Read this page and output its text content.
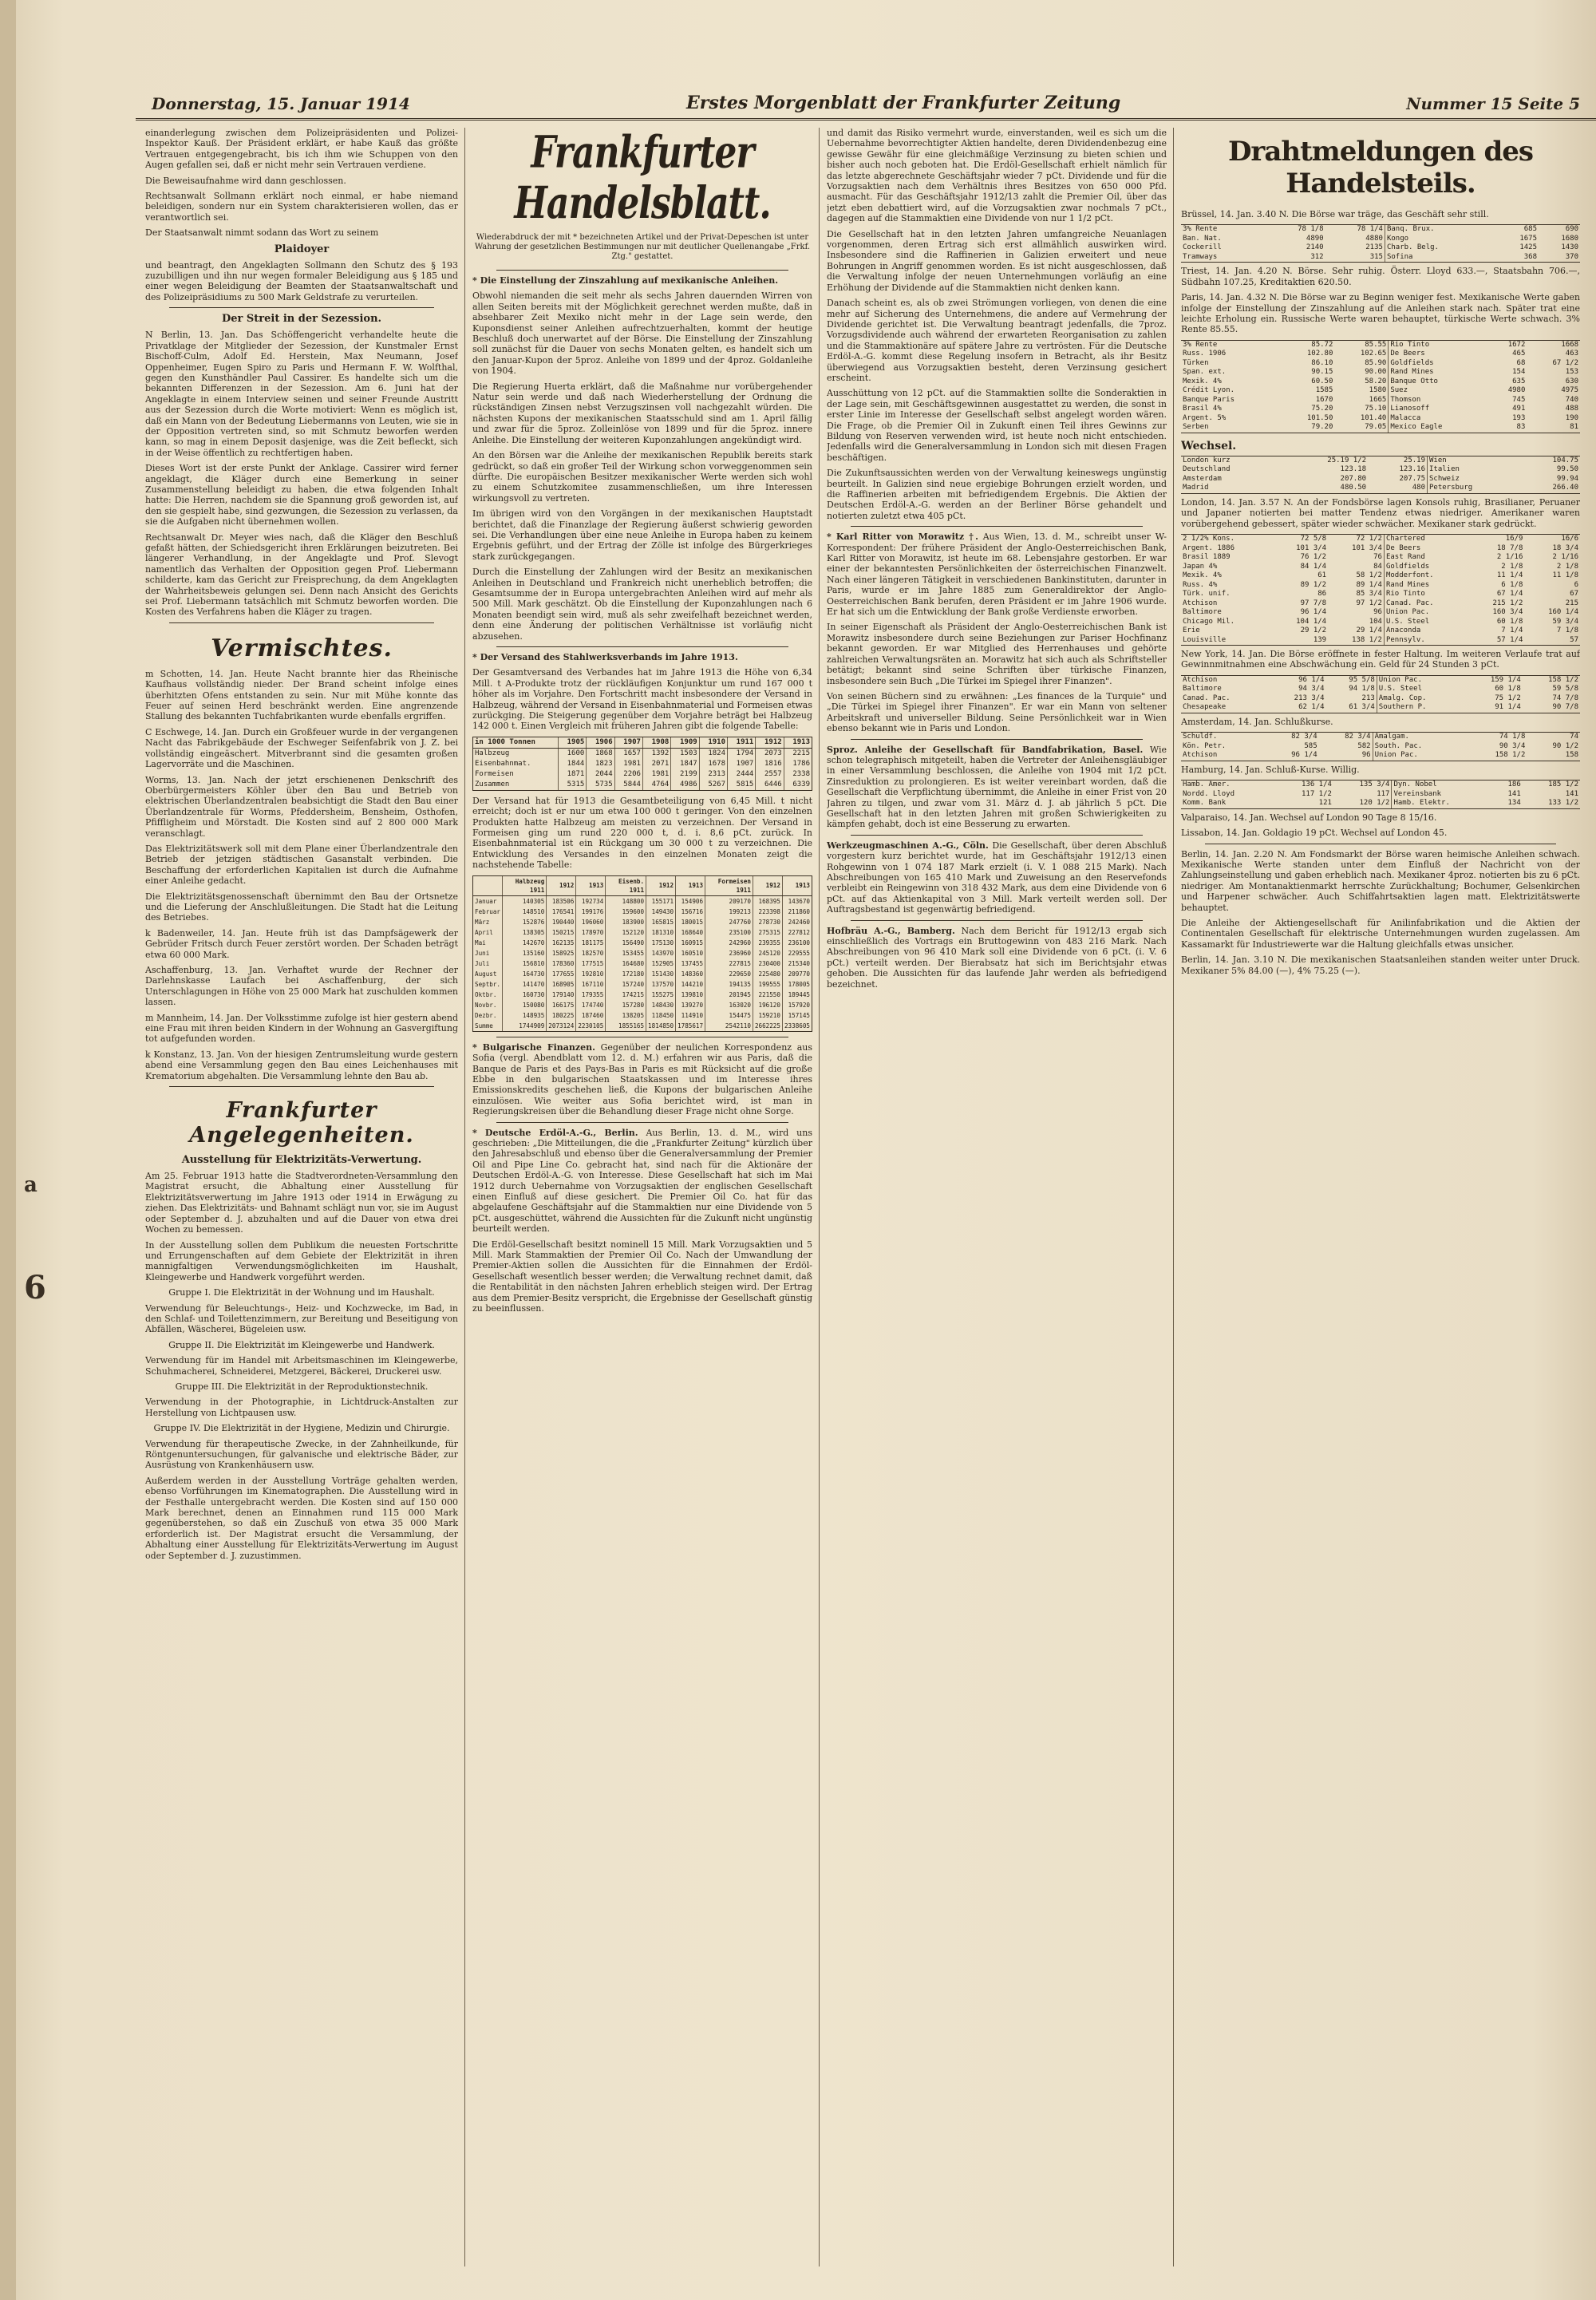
a
6
Donnerstag, 15. Januar 1914	Erstes Morgenblatt der Frankfurter Zeitung	Nummer 15 Seite 5

einanderlegung zwischen dem Polizeipräsidenten und Polizei-Inspektor Kauß. Der Präsident erklärt, er habe Kauß das größte Vertrauen entgegengebracht, bis ich ihm wie Schuppen von den Augen gefallen sei, daß er nicht mehr sein Vertrauen verdiene.

Die Beweisaufnahme wird dann geschlossen.

Rechtsanwalt Sollmann erklärt noch einmal, er habe niemand beleidigen, sondern nur ein System charakterisieren wollen, das er verantwortlich sei.

Der Staatsanwalt nimmt sodann das Wort zu seinem

Plaidoyer

und beantragt, den Angeklagten Sollmann den Schutz des § 193 zuzubilligen und ihn nur wegen formaler Beleidigung aus § 185 und einer wegen Beleidigung der Beamten der Staatsanwaltschaft und des Polizeipräsidiums zu 500 Mark Geldstrafe zu verurteilen.

Der Streit in der Sezession.

N Berlin, 13. Jan. Das Schöffengericht verhandelte heute die Privatklage der Mitglieder der Sezession, der Kunstmaler Ernst Bischoff-Culm, Adolf Ed. Herstein, Max Neumann, Josef Oppenheimer, Eugen Spiro zu Paris und Hermann F. W. Wolfthal, gegen den Kunsthändler Paul Cassirer. Es handelte sich um die bekannten Differenzen in der Sezession. Am 6. Juni hat der Angeklagte in einem Interview seinen und seiner Freunde Austritt aus der Sezession durch die Worte motiviert: Wenn es möglich ist, daß ein Mann von der Bedeutung Liebermanns von Leuten, wie sie in der Opposition vertreten sind, so mit Schmutz beworfen werden kann, so mag in einem Deposit dasjenige, was die Zeit befleckt, sich in der Weise öffentlich zu rechtfertigen haben.

Dieses Wort ist der erste Punkt der Anklage. Cassirer wird ferner angeklagt, die Kläger durch eine Bemerkung in seiner Zusammenstellung beleidigt zu haben, die etwa folgenden Inhalt hatte: Die Herren, nachdem sie die Spannung groß geworden ist, auf den sie gespielt habe, sind gezwungen, die Sezession zu verlassen, da sie die Aufgaben nicht übernehmen wollen.

Rechtsanwalt Dr. Meyer wies nach, daß die Kläger den Beschluß gefaßt hätten, der Schiedsgericht ihren Erklärungen beizutreten. Bei längerer Verhandlung, in der Angeklagte und Prof. Slevogt namentlich das Verhalten der Opposition gegen Prof. Liebermann schilderte, kam das Gericht zur Freisprechung, da dem Angeklagten der Wahrheitsbeweis gelungen sei. Denn nach Ansicht des Gerichts sei Prof. Liebermann tatsächlich mit Schmutz beworfen worden. Die Kosten des Verfahrens haben die Kläger zu tragen.

Vermischtes.

m Schotten, 14. Jan. Heute Nacht brannte hier das Rheinische Kaufhaus vollständig nieder. Der Brand scheint infolge eines überhitzten Ofens entstanden zu sein. Nur mit Mühe konnte das Feuer auf seinen Herd beschränkt werden. Eine angrenzende Stallung des bekannten Tuchfabrikanten wurde ebenfalls ergriffen.

C Eschwege, 14. Jan. Durch ein Großfeuer wurde in der vergangenen Nacht das Fabrikgebäude der Eschweger Seifenfabrik von J. Z. bei vollständig eingeäschert. Mitverbrannt sind die gesamten großen Lagervorräte und die Maschinen.

Worms, 13. Jan. Nach der jetzt erschienenen Denkschrift des Oberbürgermeisters Köhler über den Bau und Betrieb von elektrischen Überlandzentralen beabsichtigt die Stadt den Bau einer Überlandzentrale für Worms, Pfeddersheim, Bensheim, Osthofen, Pfiffligheim und Mörstadt. Die Kosten sind auf 2 800 000 Mark veranschlagt.

Das Elektrizitätswerk soll mit dem Plane einer Überlandzentrale den Betrieb der jetzigen städtischen Gasanstalt verbinden. Die Beschaffung der erforderlichen Kapitalien ist durch die Aufnahme einer Anleihe gedacht.

Die Elektrizitätsgenossenschaft übernimmt den Bau der Ortsnetze und die Lieferung der Anschlußleitungen. Die Stadt hat die Leitung des Betriebes.

k Badenweiler, 14. Jan. Heute früh ist das Dampfsägewerk der Gebrüder Fritsch durch Feuer zerstört worden. Der Schaden beträgt etwa 60 000 Mark.

Aschaffenburg, 13. Jan. Verhaftet wurde der Rechner der Darlehnskasse Laufach bei Aschaffenburg, der sich Unterschlagungen in Höhe von 25 000 Mark hat zuschulden kommen lassen.

m Mannheim, 14. Jan. Der Volksstimme zufolge ist hier gestern abend eine Frau mit ihren beiden Kindern in der Wohnung an Gasvergiftung tot aufgefunden worden.

k Konstanz, 13. Jan. Von der hiesigen Zentrumsleitung wurde gestern abend eine Versammlung gegen den Bau eines Leichenhauses mit Krematorium abgehalten. Die Versammlung lehnte den Bau ab.

Frankfurter Angelegenheiten.
Ausstellung für Elektrizitäts-Verwertung.

Am 25. Februar 1913 hatte die Stadtverordneten-Versammlung den Magistrat ersucht, die Abhaltung einer Ausstellung für Elektrizitätsverwertung im Jahre 1913 oder 1914 in Erwägung zu ziehen. Das Elektrizitäts- und Bahnamt schlägt nun vor, sie im August oder September d. J. abzuhalten und auf die Dauer von etwa drei Wochen zu bemessen.

In der Ausstellung sollen dem Publikum die neuesten Fortschritte und Errungenschaften auf dem Gebiete der Elektrizität in ihren mannigfaltigen Verwendungsmöglichkeiten im Haushalt, Kleingewerbe und Handwerk vorgeführt werden.

Gruppe I. Die Elektrizität in der Wohnung und im Haushalt.

Verwendung für Beleuchtungs-, Heiz- und Kochzwecke, im Bad, in den Schlaf- und Toilettenzimmern, zur Bereitung und Beseitigung von Abfällen, Wäscherei, Bügeleien usw.

Gruppe II. Die Elektrizität im Kleingewerbe und Handwerk.

Verwendung für im Handel mit Arbeitsmaschinen im Kleingewerbe, Schuhmacherei, Schneiderei, Metzgerei, Bäckerei, Druckerei usw.

Gruppe III. Die Elektrizität in der Reproduktionstechnik.

Verwendung in der Photographie, in Lichtdruck-Anstalten zur Herstellung von Lichtpausen usw.

Gruppe IV. Die Elektrizität in der Hygiene, Medizin und Chirurgie.

Verwendung für therapeutische Zwecke, in der Zahnheilkunde, für Röntgenuntersuchungen, für galvanische und elektrische Bäder, zur Ausrüstung von Krankenhäusern usw.

Außerdem werden in der Ausstellung Vorträge gehalten werden, ebenso Vorführungen im Kinematographen. Die Ausstellung wird in der Festhalle untergebracht werden. Die Kosten sind auf 150 000 Mark berechnet, denen an Einnahmen rund 115 000 Mark gegenüberstehen, so daß ein Zuschuß von etwa 35 000 Mark erforderlich ist. Der Magistrat ersucht die Versammlung, der Abhaltung einer Ausstellung für Elektrizitäts-Verwertung im August oder September d. J. zuzustimmen.

Frankfurter Handelsblatt.

Wiederabdruck der mit * bezeichneten Artikel und der Privat-Depeschen ist unter Wahrung der gesetzlichen Bestimmungen nur mit deutlicher Quellenangabe „Frkf. Ztg." gestattet.

* Die Einstellung der Zinszahlung auf mexikanische Anleihen.

Obwohl niemanden die seit mehr als sechs Jahren dauernden Wirren von allen Seiten bereits mit der Möglichkeit gerechnet werden mußte, daß in absehbarer Zeit Mexiko nicht mehr in der Lage sein werde, den Kuponsdienst seiner Anleihen aufrechtzuerhalten, kommt der heutige Beschluß doch unerwartet auf der Börse. Die Einstellung der Zinszahlung soll zunächst für die Dauer von sechs Monaten gelten, es handelt sich um den Januar-Kupon der 5proz. Anleihe von 1899 und der 4proz. Goldanleihe von 1904.

Die Regierung Huerta erklärt, daß die Maßnahme nur vorübergehender Natur sein werde und daß nach Wiederherstellung der Ordnung die rückständigen Zinsen nebst Verzugszinsen voll nachgezahlt würden. Die nächsten Kupons der mexikanischen Staatsschuld sind am 1. April fällig und zwar für die 5proz. Zolleinlöse von 1899 und für die 5proz. innere Anleihe. Die Einstellung der weiteren Kuponzahlungen angekündigt wird.

An den Börsen war die Anleihe der mexikanischen Republik bereits stark gedrückt, so daß ein großer Teil der Wirkung schon vorweggenommen sein dürfte. Die europäischen Besitzer mexikanischer Werte werden sich wohl zu einem Schutzkomitee zusammenschließen, um ihre Interessen wirkungsvoll zu vertreten.

Im übrigen wird von den Vorgängen in der mexikanischen Hauptstadt berichtet, daß die Finanzlage der Regierung äußerst schwierig geworden sei. Die Verhandlungen über eine neue Anleihe in Europa haben zu keinem Ergebnis geführt, und der Ertrag der Zölle ist infolge des Bürgerkrieges stark zurückgegangen.

Durch die Einstellung der Zahlungen wird der Besitz an mexikanischen Anleihen in Deutschland und Frankreich nicht unerheblich betroffen; die Gesamtsumme der in Europa untergebrachten Anleihen wird auf mehr als 500 Mill. Mark geschätzt. Ob die Einstellung der Kuponzahlungen nach 6 Monaten beendigt sein wird, muß als sehr zweifelhaft bezeichnet werden, denn eine Änderung der politischen Verhältnisse ist vorläufig nicht abzusehen.

* Der Versand des Stahlwerksverbands im Jahre 1913.

Der Gesamtversand des Verbandes hat im Jahre 1913 die Höhe von 6,34 Mill. t A-Produkte trotz der rückläufigen Konjunktur um rund 167 000 t höher als im Vorjahre. Den Fortschritt macht insbesondere der Versand in Halbzeug, während der Versand in Eisenbahnmaterial und Formeisen etwas zurückging. Die Steigerung gegenüber dem Vorjahre beträgt bei Halbzeug 142 000 t. Einen Vergleich mit früheren Jahren gibt die folgende Tabelle:

in 1000 Tonnen	1905	1906	1907	1908	1909	1910	1911	1912	1913
Halbzeug	1600	1868	1657	1392	1503	1824	1794	2073	2215
Eisenbahnmat.	1844	1823	1981	2071	1847	1678	1907	1816	1786
Formeisen	1871	2044	2206	1981	2199	2313	2444	2557	2338
Zusammen	5315	5735	5844	4764	4986	5267	5815	6446	6339

Der Versand hat für 1913 die Gesamtbeteiligung von 6,45 Mill. t nicht erreicht; doch ist er nur um etwa 100 000 t geringer. Von den einzelnen Produkten hatte Halbzeug am meisten zu verzeichnen. Der Versand in Formeisen ging um rund 220 000 t, d. i. 8,6 pCt. zurück. In Eisenbahnmaterial ist ein Rückgang um 30 000 t zu verzeichnen. Die Entwicklung des Versandes in den einzelnen Monaten zeigt die nachstehende Tabelle:

	Halbzeug 1911	1912	1913	Eisenb. 1911	1912	1913	Formeisen 1911	1912	1913
Januar	140305	183506	192734	148800	155171	154906	209170	168395	143670
Februar	148510	176541	199176	159600	149430	156716	199213	223398	211860
März	152876	190440	196060	183900	165815	180015	247760	278730	242460
April	138305	150215	178970	152120	181310	168640	235100	275315	227812
Mai	142670	162135	181175	156490	175130	160915	242960	239355	236100
Juni	135160	158925	182570	153455	143970	160510	236960	245120	229555
Juli	156810	178360	177515	164680	152905	137455	227815	230400	215340
August	164730	177655	192810	172180	151430	148360	229650	225480	209770
Septbr.	141470	168905	167110	157240	137570	144210	194135	199555	178005
Oktbr.	160730	179140	179355	174215	155275	139810	201945	221550	189445
Novbr.	150080	166175	174740	157280	148430	139270	163020	196120	157920
Dezbr.	148935	180225	187460	138205	118450	114910	154475	159210	157145
Summe	1744909	2073124	2230105	1855165	1814850	1785617	2542110	2662225	2338605

* Bulgarische Finanzen. Gegenüber der neulichen Korrespondenz aus Sofia (vergl. Abendblatt vom 12. d. M.) erfahren wir aus Paris, daß die Banque de Paris et des Pays-Bas in Paris es mit Rücksicht auf die große Ebbe in den bulgarischen Staatskassen und im Interesse ihres Emissionskredits geschehen ließ, die Kupons der bulgarischen Anleihe einzulösen. Wie weiter aus Sofia berichtet wird, ist man in Regierungskreisen über die Behandlung dieser Frage nicht ohne Sorge.

* Deutsche Erdöl-A.-G., Berlin. Aus Berlin, 13. d. M., wird uns geschrieben: „Die Mitteilungen, die die „Frankfurter Zeitung" kürzlich über den Jahresabschluß und ebenso über die Generalversammlung der Premier Oil and Pipe Line Co. gebracht hat, sind nach für die Aktionäre der Deutschen Erdöl-A.-G. von Interesse. Diese Gesellschaft hat sich im Mai 1912 durch Uebernahme von Vorzugsaktien der englischen Gesellschaft einen Einfluß auf diese gesichert. Die Premier Oil Co. hat für das abgelaufene Geschäftsjahr auf die Stammaktien nur eine Dividende von 5 pCt. ausgeschüttet, während die Aussichten für die Zukunft nicht ungünstig beurteilt werden.

Die Erdöl-Gesellschaft besitzt nominell 15 Mill. Mark Vorzugsaktien und 5 Mill. Mark Stammaktien der Premier Oil Co. Nach der Umwandlung der Premier-Aktien sollen die Aussichten für die Einnahmen der Erdöl-Gesellschaft wesentlich besser werden; die Verwaltung rechnet damit, daß die Rentabilität in den nächsten Jahren erheblich steigen wird. Der Ertrag aus dem Premier-Besitz verspricht, die Ergebnisse der Gesellschaft günstig zu beeinflussen.

und damit das Risiko vermehrt wurde, einverstanden, weil es sich um die Uebernahme bevorrechtigter Aktien handelte, deren Dividendenbezug eine gewisse Gewähr für eine gleichmäßige Verzinsung zu bieten schien und bisher auch noch geboten hat. Die Erdöl-Gesellschaft erhielt nämlich für das letzte abgerechnete Geschäftsjahr wieder 7 pCt. Dividende und für die Vorzugsaktien nach dem Verhältnis ihres Besitzes von 650 000 Pfd. ausmacht. Für das Geschäftsjahr 1912/13 zahlt die Premier Oil, über das jetzt eben debattiert wird, auf die Vorzugsaktien zwar nochmals 7 pCt., dagegen auf die Stammaktien eine Dividende von nur 1 1/2 pCt.

Die Gesellschaft hat in den letzten Jahren umfangreiche Neuanlagen vorgenommen, deren Ertrag sich erst allmählich auswirken wird. Insbesondere sind die Raffinerien in Galizien erweitert und neue Bohrungen in Angriff genommen worden. Es ist nicht ausgeschlossen, daß die Verwaltung infolge der neuen Unternehmungen vorläufig an eine Erhöhung der Dividende auf die Stammaktien nicht denken kann.

Danach scheint es, als ob zwei Strömungen vorliegen, von denen die eine mehr auf Sicherung des Unternehmens, die andere auf Vermehrung der Dividende gerichtet ist. Die Verwaltung beantragt jedenfalls, die 7proz. Vorzugsdividende auch während der erwarteten Reorganisation zu zahlen und die Stammaktionäre auf spätere Jahre zu vertrösten. Für die Deutsche Erdöl-A.-G. kommt diese Regelung insofern in Betracht, als ihr Besitz überwiegend aus Vorzugsaktien besteht, deren Verzinsung gesichert erscheint.

Ausschüttung von 12 pCt. auf die Stammaktien sollte die Sonderaktien in der Lage sein, mit Geschäftsgewinnen ausgestattet zu werden, die sonst in erster Linie im Interesse der Gesellschaft selbst angelegt worden wären. Die Frage, ob die Premier Oil in Zukunft einen Teil ihres Gewinns zur Bildung von Reserven verwenden wird, ist heute noch nicht entschieden. Jedenfalls wird die Generalversammlung in London sich mit diesen Fragen beschäftigen.

Die Zukunftsaussichten werden von der Verwaltung keineswegs ungünstig beurteilt. In Galizien sind neue ergiebige Bohrungen erzielt worden, und die Raffinerien arbeiten mit befriedigendem Ergebnis. Die Aktien der Deutschen Erdöl-A.-G. werden an der Berliner Börse gehandelt und notierten zuletzt etwa 405 pCt.

* Karl Ritter von Morawitz †. Aus Wien, 13. d. M., schreibt unser W-Korrespondent: Der frühere Präsident der Anglo-Oesterreichischen Bank, Karl Ritter von Morawitz, ist heute im 68. Lebensjahre gestorben. Er war einer der bekanntesten Persönlichkeiten der österreichischen Finanzwelt. Nach einer längeren Tätigkeit in verschiedenen Bankinstituten, darunter in Paris, wurde er im Jahre 1885 zum Generaldirektor der Anglo-Oesterreichischen Bank berufen, deren Präsident er im Jahre 1906 wurde. Er hat sich um die Entwicklung der Bank große Verdienste erworben.

In seiner Eigenschaft als Präsident der Anglo-Oesterreichischen Bank ist Morawitz insbesondere durch seine Beziehungen zur Pariser Hochfinanz bekannt geworden. Er war Mitglied des Herrenhauses und gehörte zahlreichen Verwaltungsräten an. Morawitz hat sich auch als Schriftsteller betätigt; bekannt sind seine Schriften über türkische Finanzen, insbesondere sein Buch „Die Türkei im Spiegel ihrer Finanzen".

Von seinen Büchern sind zu erwähnen: „Les finances de la Turquie" und „Die Türkei im Spiegel ihrer Finanzen". Er war ein Mann von seltener Arbeitskraft und universeller Bildung. Seine Persönlichkeit war in Wien ebenso bekannt wie in Paris und London.

Sproz. Anleihe der Gesellschaft für Bandfabrikation, Basel. Wie schon telegraphisch mitgeteilt, haben die Vertreter der Anleihensgläubiger in einer Versammlung beschlossen, die Anleihe von 1904 mit 1/2 pCt. Zinsreduktion zu prolongieren. Es ist weiter vereinbart worden, daß die Gesellschaft die Verpflichtung übernimmt, die Anleihe in einer Frist von 20 Jahren zu tilgen, und zwar vom 31. März d. J. ab jährlich 5 pCt. Die Gesellschaft hat in den letzten Jahren mit großen Schwierigkeiten zu kämpfen gehabt, doch ist eine Besserung zu erwarten.

Werkzeugmaschinen A.-G., Cöln. Die Gesellschaft, über deren Abschluß vorgestern kurz berichtet wurde, hat im Geschäftsjahr 1912/13 einen Rohgewinn von 1 074 187 Mark erzielt (i. V. 1 088 215 Mark). Nach Abschreibungen von 165 410 Mark und Zuweisung an den Reservefonds verbleibt ein Reingewinn von 318 432 Mark, aus dem eine Dividende von 6 pCt. auf das Aktienkapital von 3 Mill. Mark verteilt werden soll. Der Auftragsbestand ist gegenwärtig befriedigend.

Hofbräu A.-G., Bamberg. Nach dem Bericht für 1912/13 ergab sich einschließlich des Vortrags ein Bruttogewinn von 483 216 Mark. Nach Abschreibungen von 96 410 Mark soll eine Dividende von 6 pCt. (i. V. 6 pCt.) verteilt werden. Der Bierabsatz hat sich im Berichtsjahr etwas gehoben. Die Aussichten für das laufende Jahr werden als befriedigend bezeichnet.

Drahtmeldungen des Handelsteils.

Brüssel, 14. Jan. 3.40 N. Die Börse war träge, das Geschäft sehr still.

3% Rente	78 1/8	78 1/4	Banq. Brux.	685	690
Ban. Nat.	4890	4880	Kongo	1675	1680
Cockerill	2140	2135	Charb. Belg.	1425	1430
Tramways	312	315	Sofina	368	370

Triest, 14. Jan. 4.20 N. Börse. Sehr ruhig. Österr. Lloyd 633.—, Staatsbahn 706.—, Südbahn 107.25, Kreditaktien 620.50.

Paris, 14. Jan. 4.32 N. Die Börse war zu Beginn weniger fest. Mexikanische Werte gaben infolge der Einstellung der Zinszahlung auf die Anleihen stark nach. Später trat eine leichte Erholung ein. Russische Werte waren behauptet, türkische Werte schwach. 3% Rente 85.55.

3% Rente	85.72	85.55	Rio Tinto	1672	1668
Russ. 1906	102.80	102.65	De Beers	465	463
Türken	86.10	85.90	Goldfields	68	67 1/2
Span. ext.	90.15	90.00	Rand Mines	154	153
Mexik. 4%	60.50	58.20	Banque Otto	635	630
Crédit Lyon.	1585	1580	Suez	4980	4975
Banque Paris	1670	1665	Thomson	745	740
Brasil 4%	75.20	75.10	Lianosoff	491	488
Argent. 5%	101.50	101.40	Malacca	193	190
Serben	79.20	79.05	Mexico Eagle	83	81
Wechsel.
London kurz	25.19 1/2	25.19	Wien	104.75
Deutschland	123.18	123.16	Italien	99.50
Amsterdam	207.80	207.75	Schweiz	99.94
Madrid	480.50	480	Petersburg	266.40

London, 14. Jan. 3.57 N. An der Fondsbörse lagen Konsols ruhig, Brasilianer, Peruaner und Japaner notierten bei matter Tendenz etwas niedriger. Amerikaner waren vorübergehend gebessert, später wieder schwächer. Mexikaner stark gedrückt.

2 1/2% Kons.	72 5/8	72 1/2	Chartered	16/9	16/6
Argent. 1886	101 3/4	101 3/4	De Beers	18 7/8	18 3/4
Brasil 1889	76 1/2	76	East Rand	2 1/16	2 1/16
Japan 4%	84 1/4	84	Goldfields	2 1/8	2 1/8
Mexik. 4%	61	58 1/2	Modderfont.	11 1/4	11 1/8
Russ. 4%	89 1/2	89 1/4	Rand Mines	6 1/8	6
Türk. unif.	86	85 3/4	Rio Tinto	67 1/4	67
Atchison	97 7/8	97 1/2	Canad. Pac.	215 1/2	215
Baltimore	96 1/4	96	Union Pac.	160 3/4	160 1/4
Chicago Mil.	104 1/4	104	U.S. Steel	60 1/8	59 3/4
Erie	29 1/2	29 1/4	Anaconda	7 1/4	7 1/8
Louisville	139	138 1/2	Pennsylv.	57 1/4	57

New York, 14. Jan. Die Börse eröffnete in fester Haltung. Im weiteren Verlaufe trat auf Gewinnmitnahmen eine Abschwächung ein. Geld für 24 Stunden 3 pCt.

Atchison	96 1/4	95 5/8	Union Pac.	159 1/4	158 1/2
Baltimore	94 3/4	94 1/8	U.S. Steel	60 1/8	59 5/8
Canad. Pac.	213 3/4	213	Amalg. Cop.	75 1/2	74 7/8
Chesapeake	62 1/4	61 3/4	Southern P.	91 1/4	90 7/8

Amsterdam, 14. Jan. Schlußkurse.

Schuldf.	82 3/4	82 3/4	Amalgam.	74 1/8	74
Kön. Petr.	585	582	South. Pac.	90 3/4	90 1/2
Atchison	96 1/4	96	Union Pac.	158 1/2	158

Hamburg, 14. Jan. Schluß-Kurse. Willig.

Hamb. Amer.	136 1/4	135 3/4	Dyn. Nobel	186	185 1/2
Nordd. Lloyd	117 1/2	117	Vereinsbank	141	141
Komm. Bank	121	120 1/2	Hamb. Elektr.	134	133 1/2

Valparaiso, 14. Jan. Wechsel auf London 90 Tage 8 15/16.

Lissabon, 14. Jan. Goldagio 19 pCt. Wechsel auf London 45.

Berlin, 14. Jan. 2.20 N. Am Fondsmarkt der Börse waren heimische Anleihen schwach. Mexikanische Werte standen unter dem Einfluß der Nachricht von der Zahlungseinstellung und gaben erheblich nach. Mexikaner 4proz. notierten bis zu 6 pCt. niedriger. Am Montanaktienmarkt herrschte Zurückhaltung; Bochumer, Gelsenkirchen und Harpener schwächer. Auch Schiffahrtsaktien lagen matt. Elektrizitätswerte behauptet.

Die Anleihe der Aktiengesellschaft für Anilinfabrikation und die Aktien der Continentalen Gesellschaft für elektrische Unternehmungen wurden zugelassen. Am Kassamarkt für Industriewerte war die Haltung gleichfalls etwas unsicher.

Berlin, 14. Jan. 3.10 N. Die mexikanischen Staatsanleihen standen weiter unter Druck. Mexikaner 5% 84.00 (—), 4% 75.25 (—).
